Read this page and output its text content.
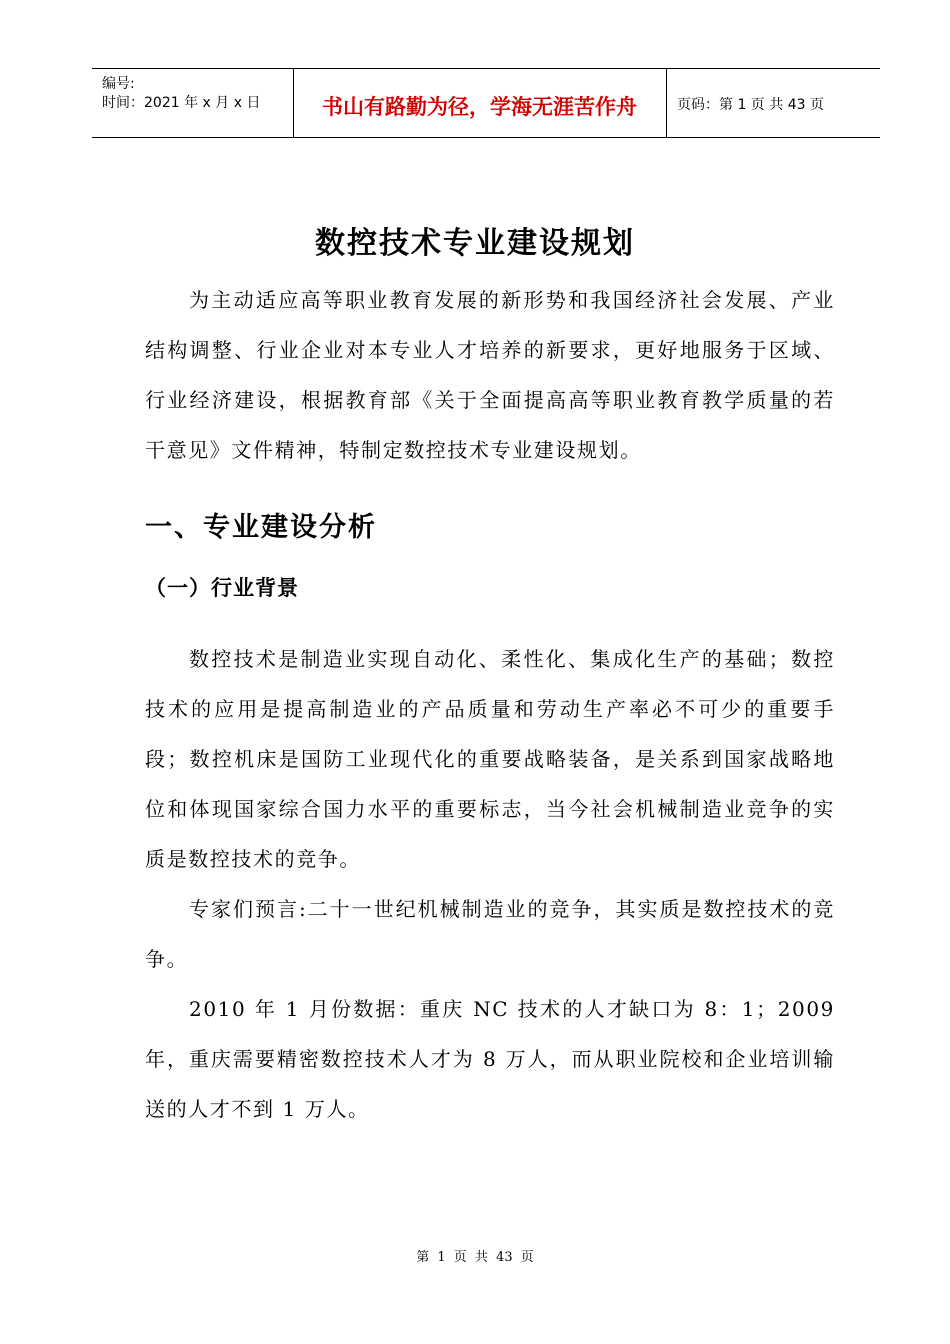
编号:
时间：2021 年 x 月 x 日	书山有路勤为径，学海无涯苦作舟	页码：第 1 页 共 43 页
数控技术专业建设规划

为主动适应高等职业教育发展的新形势和我国经济社会发展、产业结构调整、行业企业对本专业人才培养的新要求，更好地服务于区域、行业经济建设，根据教育部《关于全面提高高等职业教育教学质量的若干意见》文件精神，特制定数控技术专业建设规划。

一、专业建设分析
（一）行业背景

数控技术是制造业实现自动化、柔性化、集成化生产的基础；数控技术的应用是提高制造业的产品质量和劳动生产率必不可少的重要手段；数控机床是国防工业现代化的重要战略装备，是关系到国家战略地位和体现国家综合国力水平的重要标志，当今社会机械制造业竞争的实质是数控技术的竞争。

专家们预言:二十一世纪机械制造业的竞争，其实质是数控技术的竞争。

2010 年 1 月份数据：重庆 NC 技术的人才缺口为 8：1；2009 年，重庆需要精密数控技术人才为 8 万人，而从职业院校和企业培训输送的人才不到 1 万人。

第 1 页 共 43 页
